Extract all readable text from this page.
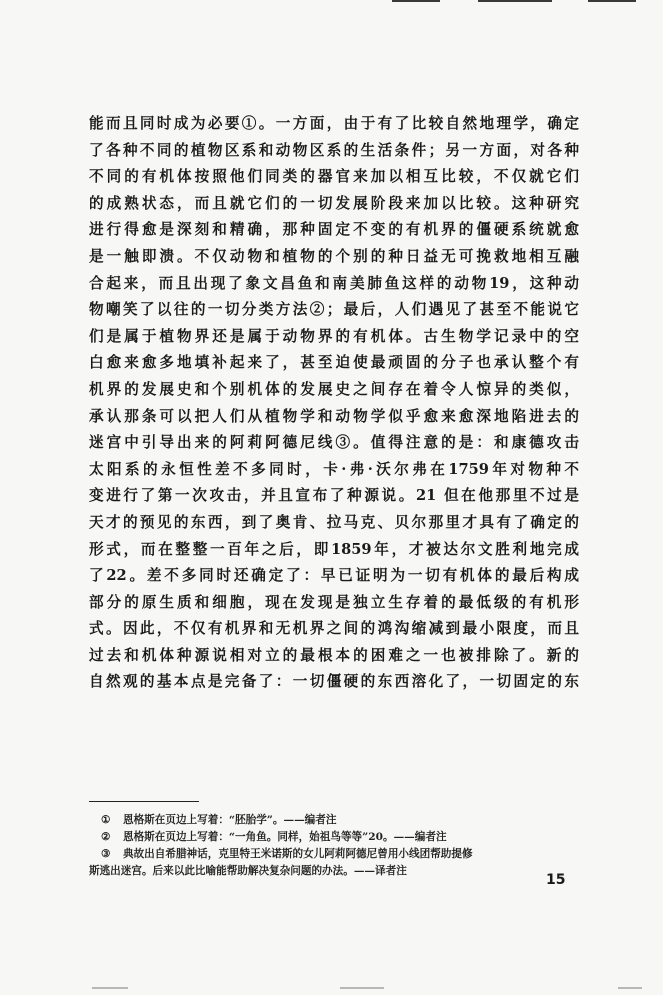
能而且同时成为必要①。一方面，由于有了比较自然地理学，确定
了各种不同的植物区系和动物区系的生活条件；另一方面，对各种
不同的有机体按照他们同类的器官来加以相互比较，不仅就它们
的成熟状态，而且就它们的一切发展阶段来加以比较。这种研究
进行得愈是深刻和精确，那种固定不变的有机界的僵硬系统就愈
是一触即溃。不仅动物和植物的个别的种日益无可挽救地相互融
合起来，而且出现了象文昌鱼和南美肺鱼这样的动物19，这种动
物嘲笑了以往的一切分类方法②；最后，人们遇见了甚至不能说它
们是属于植物界还是属于动物界的有机体。古生物学记录中的空
白愈来愈多地填补起来了，甚至迫使最顽固的分子也承认整个有
机界的发展史和个别机体的发展史之间存在着令人惊异的类似，
承认那条可以把人们从植物学和动物学似乎愈来愈深地陷进去的
迷宫中引导出来的阿莉阿德尼线③。值得注意的是：和康德攻击
太阳系的永恒性差不多同时，卡·弗·沃尔弗在1759年对物种不
变进行了第一次攻击，并且宣布了种源说。21 但在他那里不过是
天才的预见的东西，到了奥肯、拉马克、贝尔那里才具有了确定的
形式，而在整整一百年之后，即1859年，才被达尔文胜利地完成
了22。差不多同时还确定了：早已证明为一切有机体的最后构成
部分的原生质和细胞，现在发现是独立生存着的最低级的有机形
式。因此，不仅有机界和无机界之间的鸿沟缩减到最小限度，而且
过去和机体种源说相对立的最根本的困难之一也被排除了。新的
自然观的基本点是完备了：一切僵硬的东西溶化了，一切固定的东
① 恩格斯在页边上写着：“胚胎学”。——编者注
② 恩格斯在页边上写着：“一角鱼。同样，始祖鸟等等”20。——编者注
③ 典故出自希腊神话，克里特王米诺斯的女儿阿莉阿德尼曾用小线团帮助提修
斯逃出迷宫。后来以此比喻能帮助解决复杂问题的办法。——译者注
15
